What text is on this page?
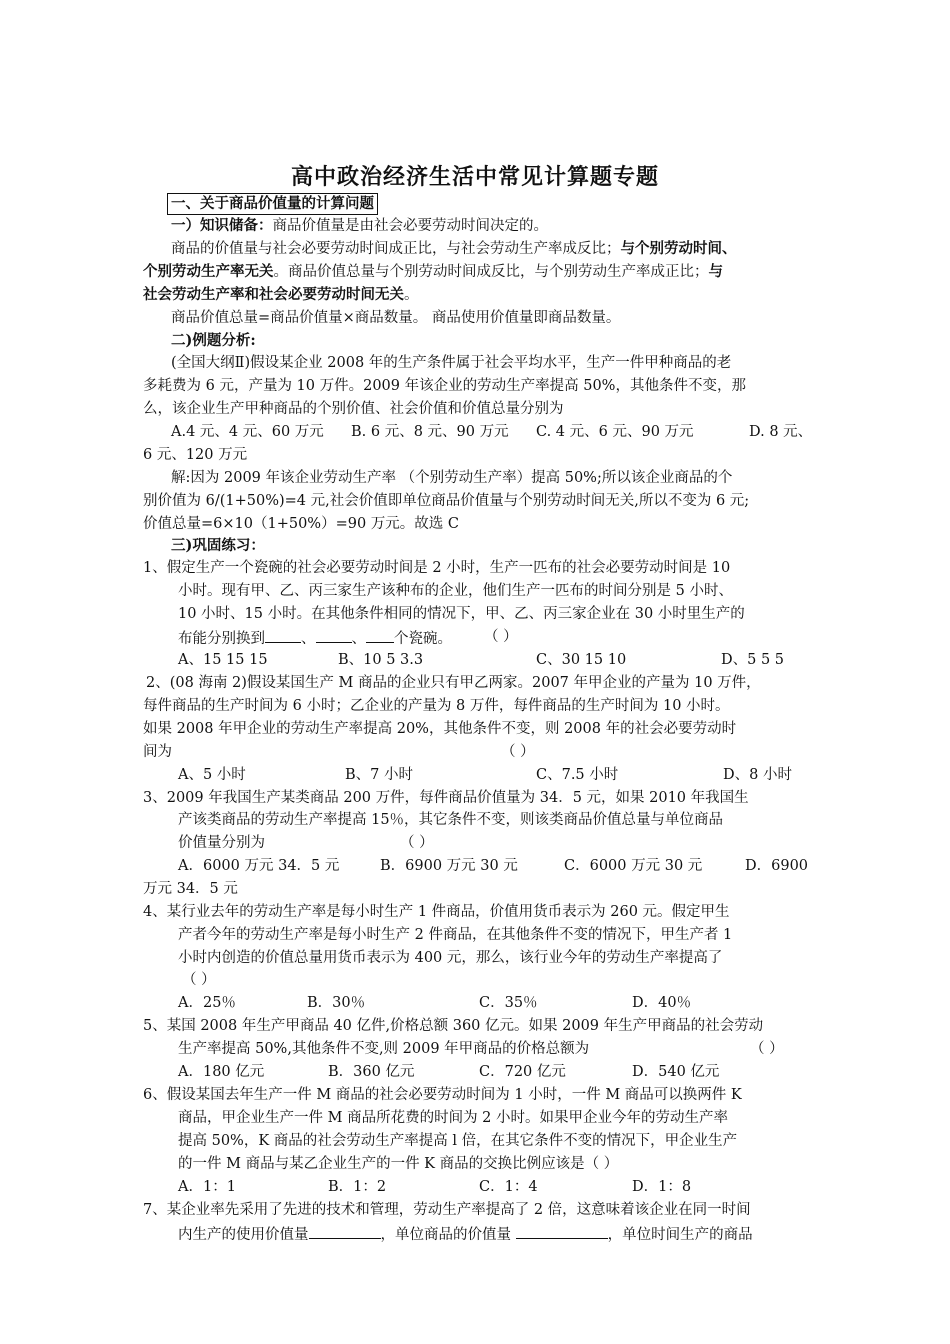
高中政治经济生活中常见计算题专题
一、关于商品价值量的计算问题
一）知识储备：商品价值量是由社会必要劳动时间决定的。
商品的价值量与社会必要劳动时间成正比，与社会劳动生产率成反比；与个别劳动时间、
个别劳动生产率无关。商品价值总量与个别劳动时间成反比，与个别劳动生产率成正比；与
社会劳动生产率和社会必要劳动时间无关。
商品价值总量=商品价值量×商品数量。 商品使用价值量即商品数量。
二)例题分析:
(全国大纲Ⅱ)假设某企业 2008 年的生产条件属于社会平均水平，生产一件甲种商品的老
多耗费为 6 元，产量为 10 万件。2009 年该企业的劳动生产率提高 50%，其他条件不变，那
么，该企业生产甲种商品的个别价值、社会价值和价值总量分别为
A.4 元、4 元、60 万元 B. 6 元、8 元、90 万元 C. 4 元、6 元、90 万元	D. 8 元、
6 元、120 万元
解:因为 2009 年该企业劳动生产率 （个别劳动生产率）提高 50%;所以该企业商品的个
别价值为 6/(1+50%)=4 元,社会价值即单位商品价值量与个别劳动时间无关,所以不变为 6 元;
价值总量=6×10（1+50%）=90 万元。故选 C
三)巩固练习：
1、假定生产一个瓷碗的社会必要劳动时间是 2 小时，生产一匹布的社会必要劳动时间是 10
小时。现有甲、乙、丙三家生产该种布的企业，他们生产一匹布的时间分别是 5 小时、
10 小时、15 小时。在其他条件相同的情况下，甲、乙、丙三家企业在 30 小时里生产的
布能分别换到 、 、 个瓷碗。 （ ）
A、15 15 15	B、10 5 3.3	C、30 15 10	D、5 5 5
2、(08 海南 2)假设某国生产 M 商品的企业只有甲乙两家。2007 年甲企业的产量为 10 万件，
每件商品的生产时间为 6 小时；乙企业的产量为 8 万件，每件商品的生产时间为 10 小时。
如果 2008 年甲企业的劳动生产率提高 20%，其他条件不变，则 2008 年的社会必要劳动时
间为	（ ）
A、5 小时	B、7 小时	C、7.5 小时	D、8 小时
3、2009 年我国生产某类商品 200 万件，每件商品价值量为 34．5 元，如果 2010 年我国生
产该类商品的劳动生产率提高 15％，其它条件不变，则该类商品价值总量与单位商品
价值量分别为	（ ）
A．6000 万元 34．5 元	B．6900 万元 30 元	C．6000 万元 30 元	D．6900
万元 34．5 元
4、某行业去年的劳动生产率是每小时生产 1 件商品，价值用货币表示为 260 元。假定甲生
产者今年的劳动生产率是每小时生产 2 件商品，在其他条件不变的情况下，甲生产者 1
小时内创造的价值总量用货币表示为 400 元，那么，该行业今年的劳动生产率提高了
（ ）
A．25％	B．30％	C．35％	D．40％
5、某国 2008 年生产甲商品 40 亿件,价格总额 360 亿元。如果 2009 年生产甲商品的社会劳动
生产率提高 50%,其他条件不变,则 2009 年甲商品的价格总额为	（ ）
A．180 亿元	B．360 亿元	C．720 亿元	D．540 亿元
6、假设某国去年生产一件 M 商品的社会必要劳动时间为 1 小时，一件 M 商品可以换两件 K
商品，甲企业生产一件 M 商品所花费的时间为 2 小时。如果甲企业今年的劳动生产率
提高 50%，K 商品的社会劳动生产率提高 l 倍，在其它条件不变的情况下，甲企业生产
的一件 M 商品与某乙企业生产的一件 K 商品的交换比例应该是（ ）
A．1：1	B．1：2	C．1：4	D．1：8
7、某企业率先采用了先进的技术和管理，劳动生产率提高了 2 倍，这意味着该企业在同一时间
内生产的使用价值量	，单位商品的价值量	，单位时间生产的商品
